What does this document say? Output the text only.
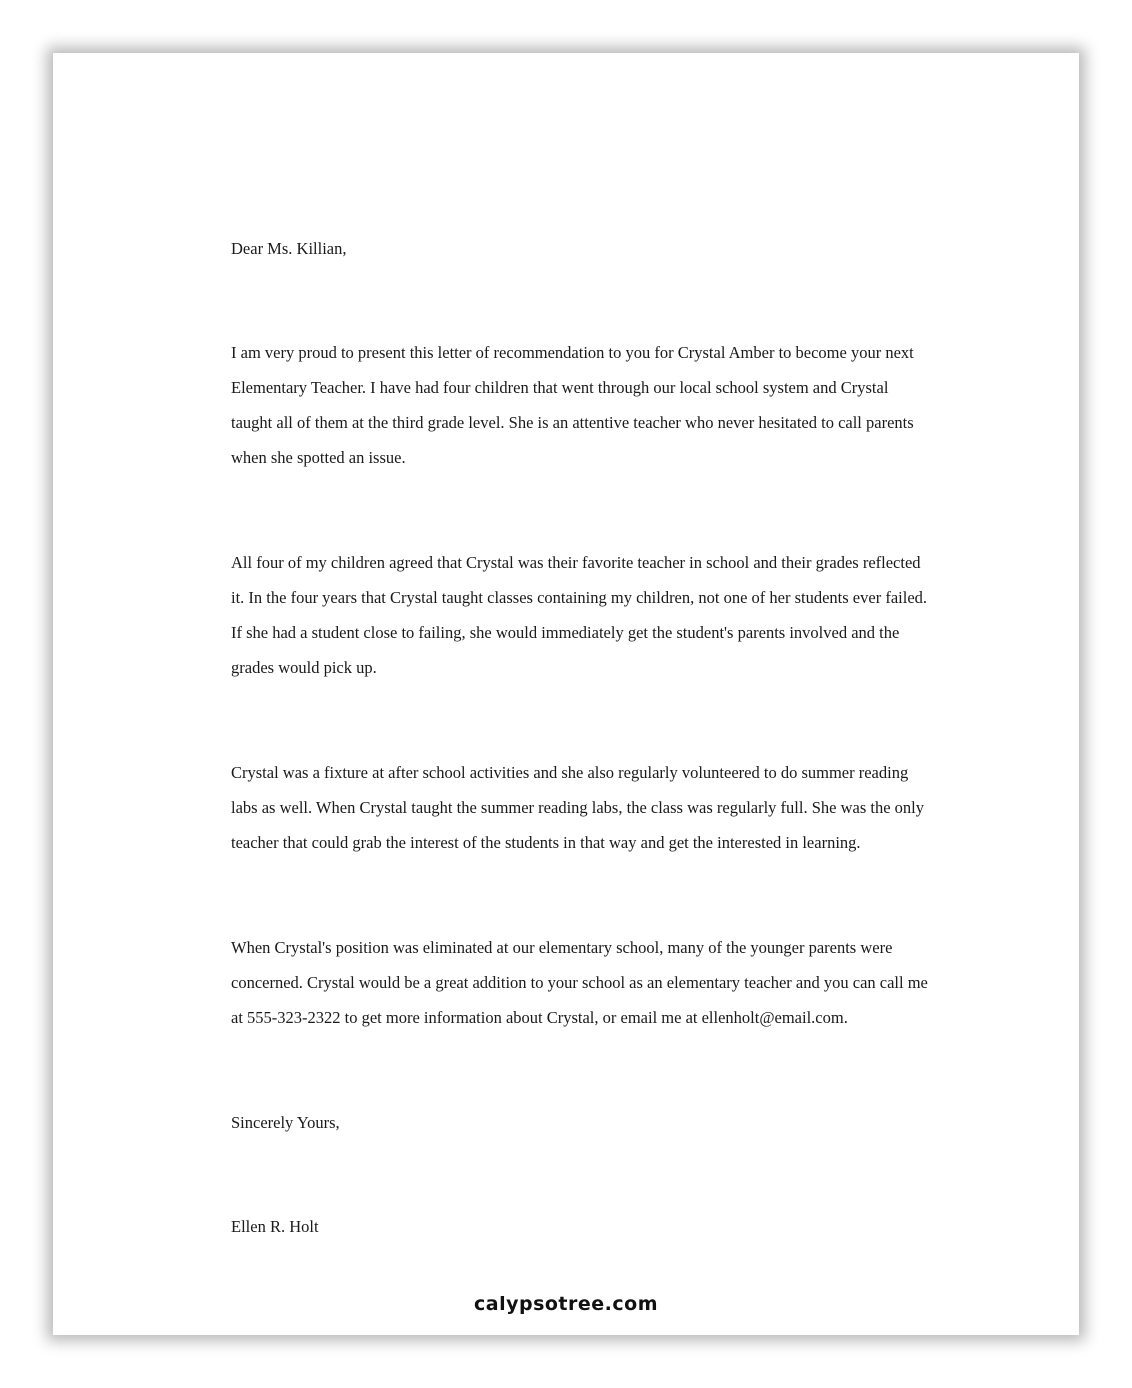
Dear Ms. Killian,

I am very proud to present this letter of recommendation to you for Crystal Amber to become your next

Elementary Teacher. I have had four children that went through our local school system and Crystal

taught all of them at the third grade level. She is an attentive teacher who never hesitated to call parents

when she spotted an issue.

All four of my children agreed that Crystal was their favorite teacher in school and their grades reflected

it. In the four years that Crystal taught classes containing my children, not one of her students ever failed.

If she had a student close to failing, she would immediately get the student's parents involved and the

grades would pick up.

Crystal was a fixture at after school activities and she also regularly volunteered to do summer reading

labs as well. When Crystal taught the summer reading labs, the class was regularly full. She was the only

teacher that could grab the interest of the students in that way and get the interested in learning.

When Crystal's position was eliminated at our elementary school, many of the younger parents were

concerned. Crystal would be a great addition to your school as an elementary teacher and you can call me

at 555-323-2322 to get more information about Crystal, or email me at ellenholt@email.com.

Sincerely Yours,

Ellen R. Holt

calypsotree.com
